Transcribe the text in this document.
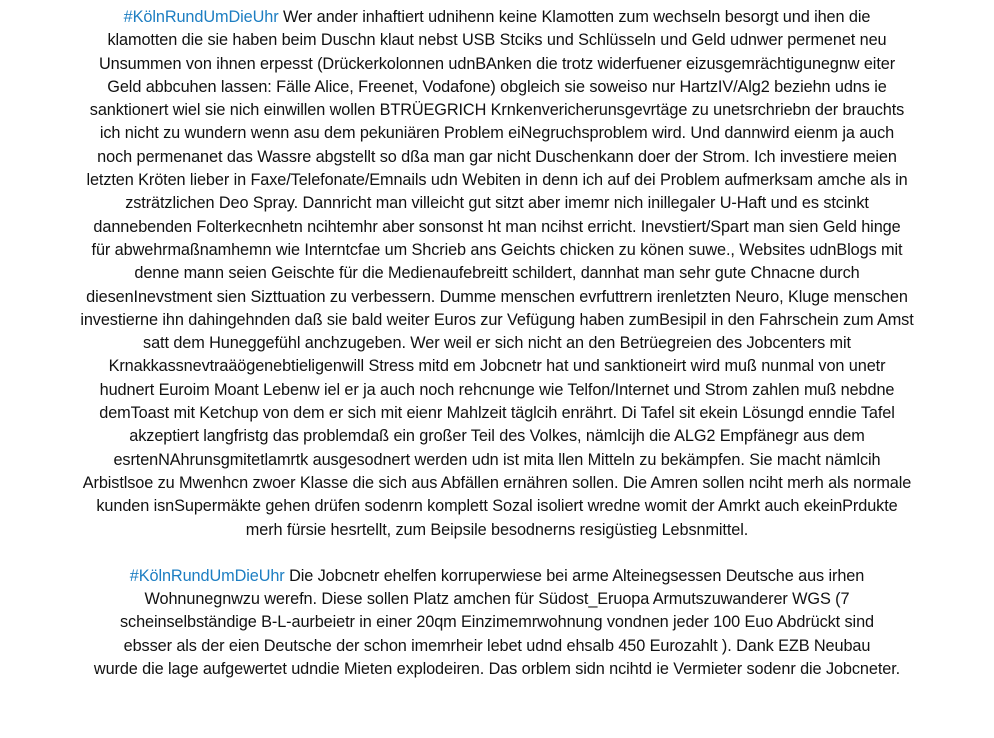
#KölnRundUmDieUhr Wer ander inhaftiert udnihenn keine Klamotten zum wechseln besorgt und ihen die
klamotten die sie haben beim Duschn klaut nebst USB Stciks und Schlüsseln und Geld udnwer permenet neu
Unsummen von ihnen erpesst (Drückerkolonnen udnBAnken die trotz widerfuener eizusgemrächtigunegnw eiter
Geld abbcuhen lassen: Fälle Alice, Freenet, Vodafone) obgleich sie soweiso nur HartzIV/Alg2 beziehn udns ie
sanktionert wiel sie nich einwillen wollen BTRÜEGRICH Krnkenvericherunsgevrtäge zu unetsrchriebn der brauchts
ich nicht zu wundern wenn asu dem pekuniären Problem eiNegruchsproblem wird. Und dannwird eienm ja auch
noch permenanet das Wassre abgstellt so dßa man gar nicht Duschenkann doer der Strom. Ich investiere meien
letzten Kröten lieber in Faxe/Telefonate/Emnails udn Webiten in denn ich auf dei Problem aufmerksam amche als in
zsträtzlichen Deo Spray. Dannricht man villeicht gut sitzt aber imemr nich inillegaler U-Haft und es stcinkt
dannebenden Folterkecnhetn ncihtemhr aber sonsonst ht man ncihst erricht. Inevstiert/Spart man sien Geld hinge
für abwehrmaßnamhemn wie Interntcfae um Shcrieb ans Geichts chicken zu könen suwe., Websites udnBlogs mit
denne mann seien Geischte für die Medienaufebreitt schildert, dannhat man sehr gute Chnacne durch
diesenInevstment sien Sizttuation zu verbessern. Dumme menschen evrfuttrern irenletzten Neuro, Kluge menschen
investierne ihn dahingehnden daß sie bald weiter Euros zur Vefügung haben zumBesipil in den Fahrschein zum Amst
satt dem Huneggefühl anchzugeben. Wer weil er sich nicht an den Betrüegreien des Jobcenters mit
Krnakkassnevtraäögenebtieligenwill Stress mitd em Jobcnetr hat und sanktioneirt wird muß nunmal von unetr
hudnert Euroim Moant Lebenw iel er ja auch noch rehcnunge wie Telfon/Internet und Strom zahlen muß nebdne
demToast mit Ketchup von dem er sich mit eienr Mahlzeit täglcih enrährt. Di Tafel sit ekein Lösungd enndie Tafel
akzeptiert langfristg das problemdaß ein großer Teil des Volkes, nämlcijh die ALG2 Empfänegr aus dem
esrtenNAhrunsgmitetlamrtk ausgesodnert werden udn ist mita llen Mitteln zu bekämpfen. Sie macht nämlcih
Arbistlsoe zu Mwenhcn zwoer Klasse die sich aus Abfällen ernähren sollen. Die Amren sollen nciht merh als normale
kunden isnSupermäkte gehen drüfen sodenrn komplett Sozal isoliert wredne womit der Amrkt auch ekeinPrdukte
merh fürsie hesrtellt, zum Beipsile besodnerns resigüstieg Lebsnmittel.

#KölnRundUmDieUhr Die Jobcnetr ehelfen korruperwiese bei arme Alteinegsessen Deutsche aus irhen
Wohnunegnwzu werefn. Diese sollen Platz amchen für Südost_Eruopa Armutszuwanderer WGS (7
scheinselbständige B-L-aurbeietr in einer 20qm Einzimemrwohnung vondnen jeder 100 Euo Abdrückt sind
ebsser als der eien Deutsche der schon imemrheir lebet udnd ehsalb 450 Eurozahlt ). Dank EZB Neubau
wurde die lage aufgewertet udndie Mieten explodeiren. Das orblem sidn ncihtd ie Vermieter sodenr die Jobcneter.
